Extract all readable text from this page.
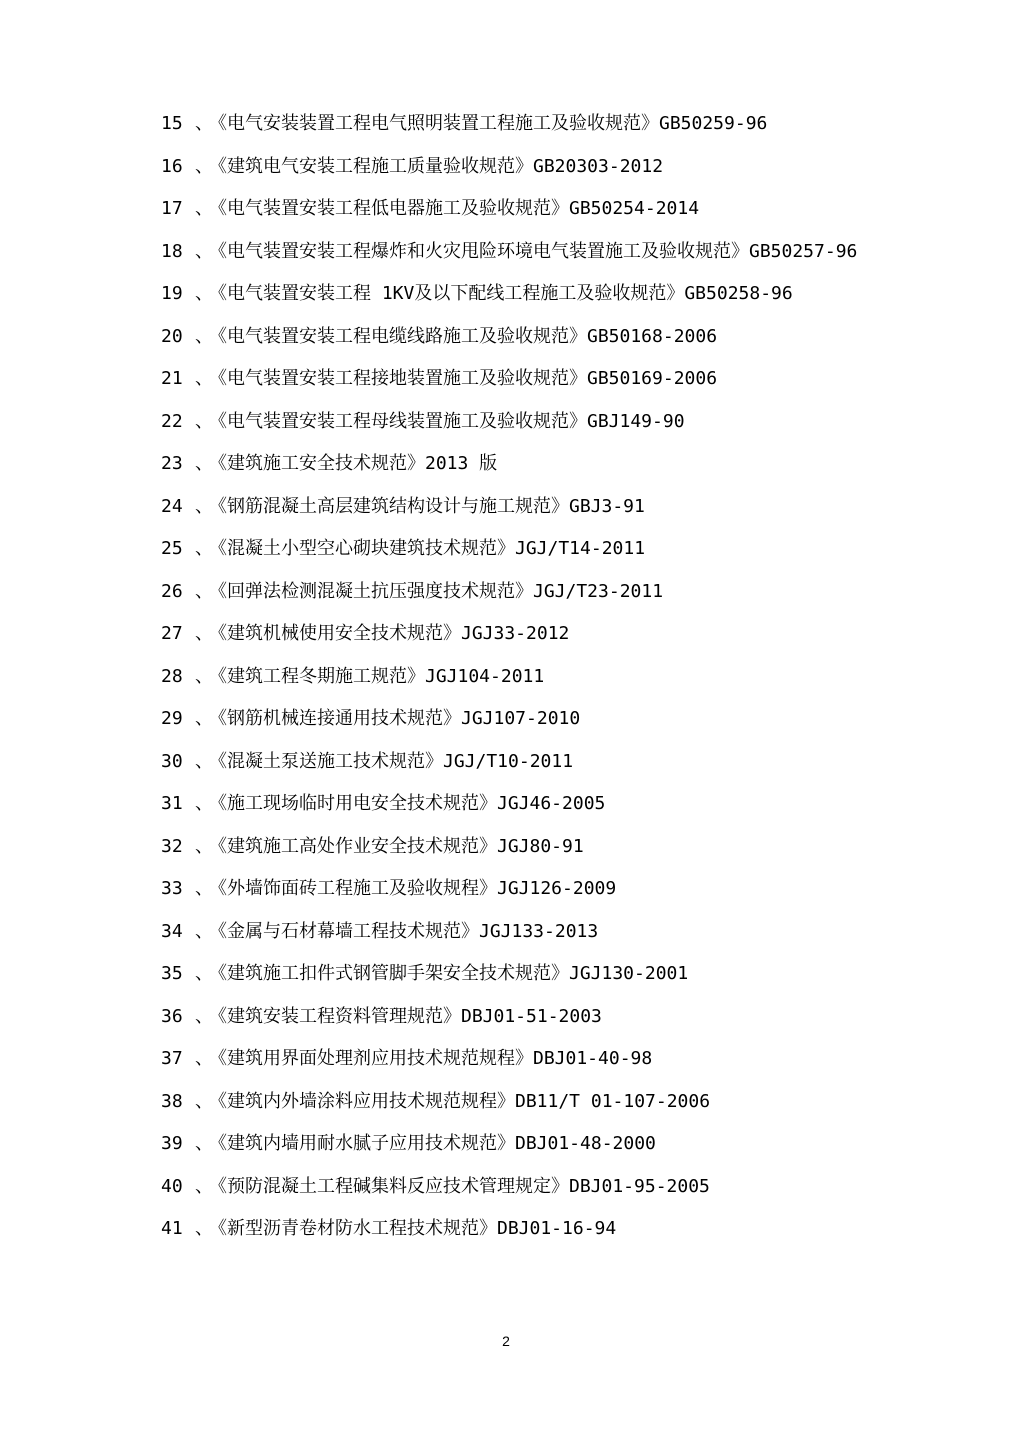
15 、《电气安装装置工程电气照明装置工程施工及验收规范》GB50259-96
16 、《建筑电气安装工程施工质量验收规范》GB20303-2012
17 、《电气装置安装工程低电器施工及验收规范》GB50254-2014
18 、《电气装置安装工程爆炸和火灾甩险环境电气装置施工及验收规范》GB50257-96
19 、《电气装置安装工程 1KV及以下配线工程施工及验收规范》GB50258-96
20 、《电气装置安装工程电缆线路施工及验收规范》GB50168-2006
21 、《电气装置安装工程接地装置施工及验收规范》GB50169-2006
22 、《电气装置安装工程母线装置施工及验收规范》GBJ149-90
23 、《建筑施工安全技术规范》2013 版
24 、《钢筋混凝土高层建筑结构设计与施工规范》GBJ3-91
25 、《混凝土小型空心砌块建筑技术规范》JGJ/T14-2011
26 、《回弹法检测混凝土抗压强度技术规范》JGJ/T23-2011
27 、《建筑机械使用安全技术规范》JGJ33-2012
28 、《建筑工程冬期施工规范》JGJ104-2011
29 、《钢筋机械连接通用技术规范》JGJ107-2010
30 、《混凝土泵送施工技术规范》JGJ/T10-2011
31 、《施工现场临时用电安全技术规范》JGJ46-2005
32 、《建筑施工高处作业安全技术规范》JGJ80-91
33 、《外墙饰面砖工程施工及验收规程》JGJ126-2009
34 、《金属与石材幕墙工程技术规范》JGJ133-2013
35 、《建筑施工扣件式钢管脚手架安全技术规范》JGJ130-2001
36 、《建筑安装工程资料管理规范》DBJ01-51-2003
37 、《建筑用界面处理剂应用技术规范规程》DBJ01-40-98
38 、《建筑内外墙涂料应用技术规范规程》DB11/T 01-107-2006
39 、《建筑内墙用耐水腻子应用技术规范》DBJ01-48-2000
40 、《预防混凝土工程碱集料反应技术管理规定》DBJ01-95-2005
41 、《新型沥青卷材防水工程技术规范》DBJ01-16-94
2
